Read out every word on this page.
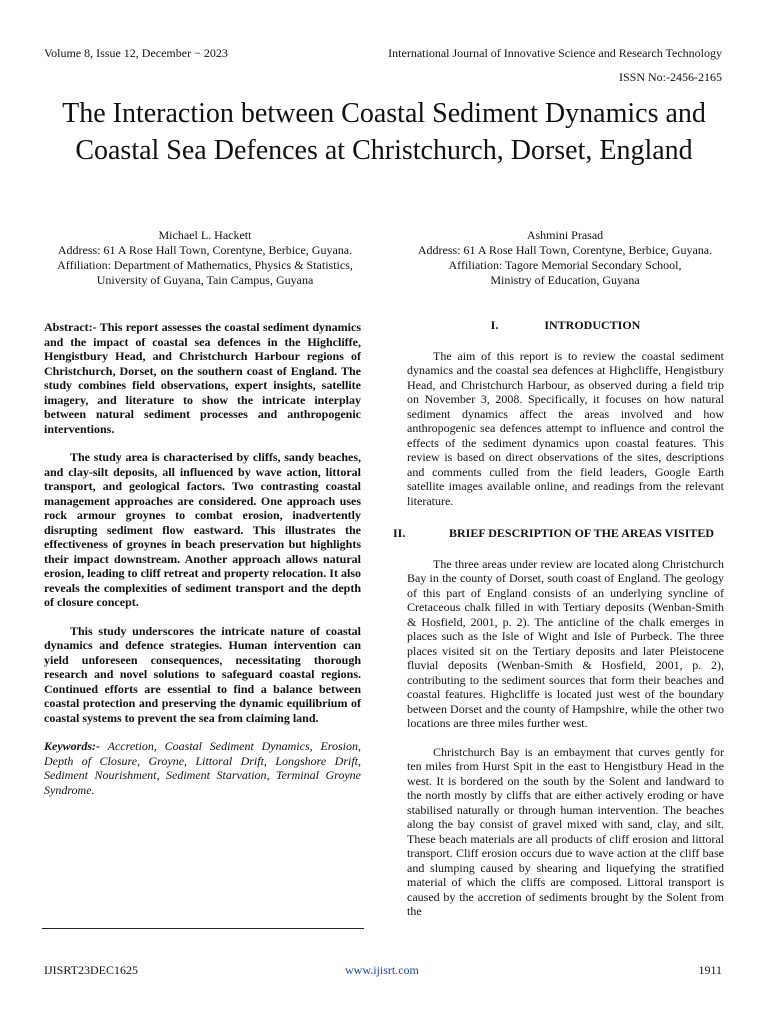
Volume 8, Issue 12, December − 2023	International Journal of Innovative Science and Research Technology
ISSN No:-2456-2165
The Interaction between Coastal Sediment Dynamics and Coastal Sea Defences at Christchurch, Dorset, England
Michael L. Hackett
Address: 61 A Rose Hall Town, Corentyne, Berbice, Guyana.
Affiliation: Department of Mathematics, Physics & Statistics,
University of Guyana, Tain Campus, Guyana
Ashmini Prasad
Address: 61 A Rose Hall Town, Corentyne, Berbice, Guyana.
Affiliation: Tagore Memorial Secondary School,
Ministry of Education, Guyana

Abstract:- This report assesses the coastal sediment dynamics and the impact of coastal sea defences in the Highcliffe, Hengistbury Head, and Christchurch Harbour regions of Christchurch, Dorset, on the southern coast of England. The study combines field observations, expert insights, satellite imagery, and literature to show the intricate interplay between natural sediment processes and anthropogenic interventions.

The study area is characterised by cliffs, sandy beaches, and clay-silt deposits, all influenced by wave action, littoral transport, and geological factors. Two contrasting coastal management approaches are considered. One approach uses rock armour groynes to combat erosion, inadvertently disrupting sediment flow eastward. This illustrates the effectiveness of groynes in beach preservation but highlights their impact downstream. Another approach allows natural erosion, leading to cliff retreat and property relocation. It also reveals the complexities of sediment transport and the depth of closure concept.

This study underscores the intricate nature of coastal dynamics and defence strategies. Human intervention can yield unforeseen consequences, necessitating thorough research and novel solutions to safeguard coastal regions. Continued efforts are essential to find a balance between coastal protection and preserving the dynamic equilibrium of coastal systems to prevent the sea from claiming land.

Keywords:- Accretion, Coastal Sediment Dynamics, Erosion, Depth of Closure, Groyne, Littoral Drift, Longshore Drift, Sediment Nourishment, Sediment Starvation, Terminal Groyne Syndrome.

I.	INTRODUCTION

The aim of this report is to review the coastal sediment dynamics and the coastal sea defences at Highcliffe, Hengistbury Head, and Christchurch Harbour, as observed during a field trip on November 3, 2008. Specifically, it focuses on how natural sediment dynamics affect the areas involved and how anthropogenic sea defences attempt to influence and control the effects of the sediment dynamics upon coastal features. This review is based on direct observations of the sites, descriptions and comments culled from the field leaders, Google Earth satellite images available online, and readings from the relevant literature.

II.	BRIEF DESCRIPTION OF THE AREAS VISITED

The three areas under review are located along Christchurch Bay in the county of Dorset, south coast of England. The geology of this part of England consists of an underlying syncline of Cretaceous chalk filled in with Tertiary deposits (Wenban-Smith & Hosfield, 2001, p. 2). The anticline of the chalk emerges in places such as the Isle of Wight and Isle of Purbeck. The three places visited sit on the Tertiary deposits and later Pleistocene fluvial deposits (Wenban-Smith & Hosfield, 2001, p. 2), contributing to the sediment sources that form their beaches and coastal features. Highcliffe is located just west of the boundary between Dorset and the county of Hampshire, while the other two locations are three miles further west.

Christchurch Bay is an embayment that curves gently for ten miles from Hurst Spit in the east to Hengistbury Head in the west. It is bordered on the south by the Solent and landward to the north mostly by cliffs that are either actively eroding or have stabilised naturally or through human intervention. The beaches along the bay consist of gravel mixed with sand, clay, and silt. These beach materials are all products of cliff erosion and littoral transport. Cliff erosion occurs due to wave action at the cliff base and slumping caused by shearing and liquefying the stratified material of which the cliffs are composed. Littoral transport is caused by the accretion of sediments brought by the Solent from the

IJISRT23DEC1625	www.ijisrt.com	1911
